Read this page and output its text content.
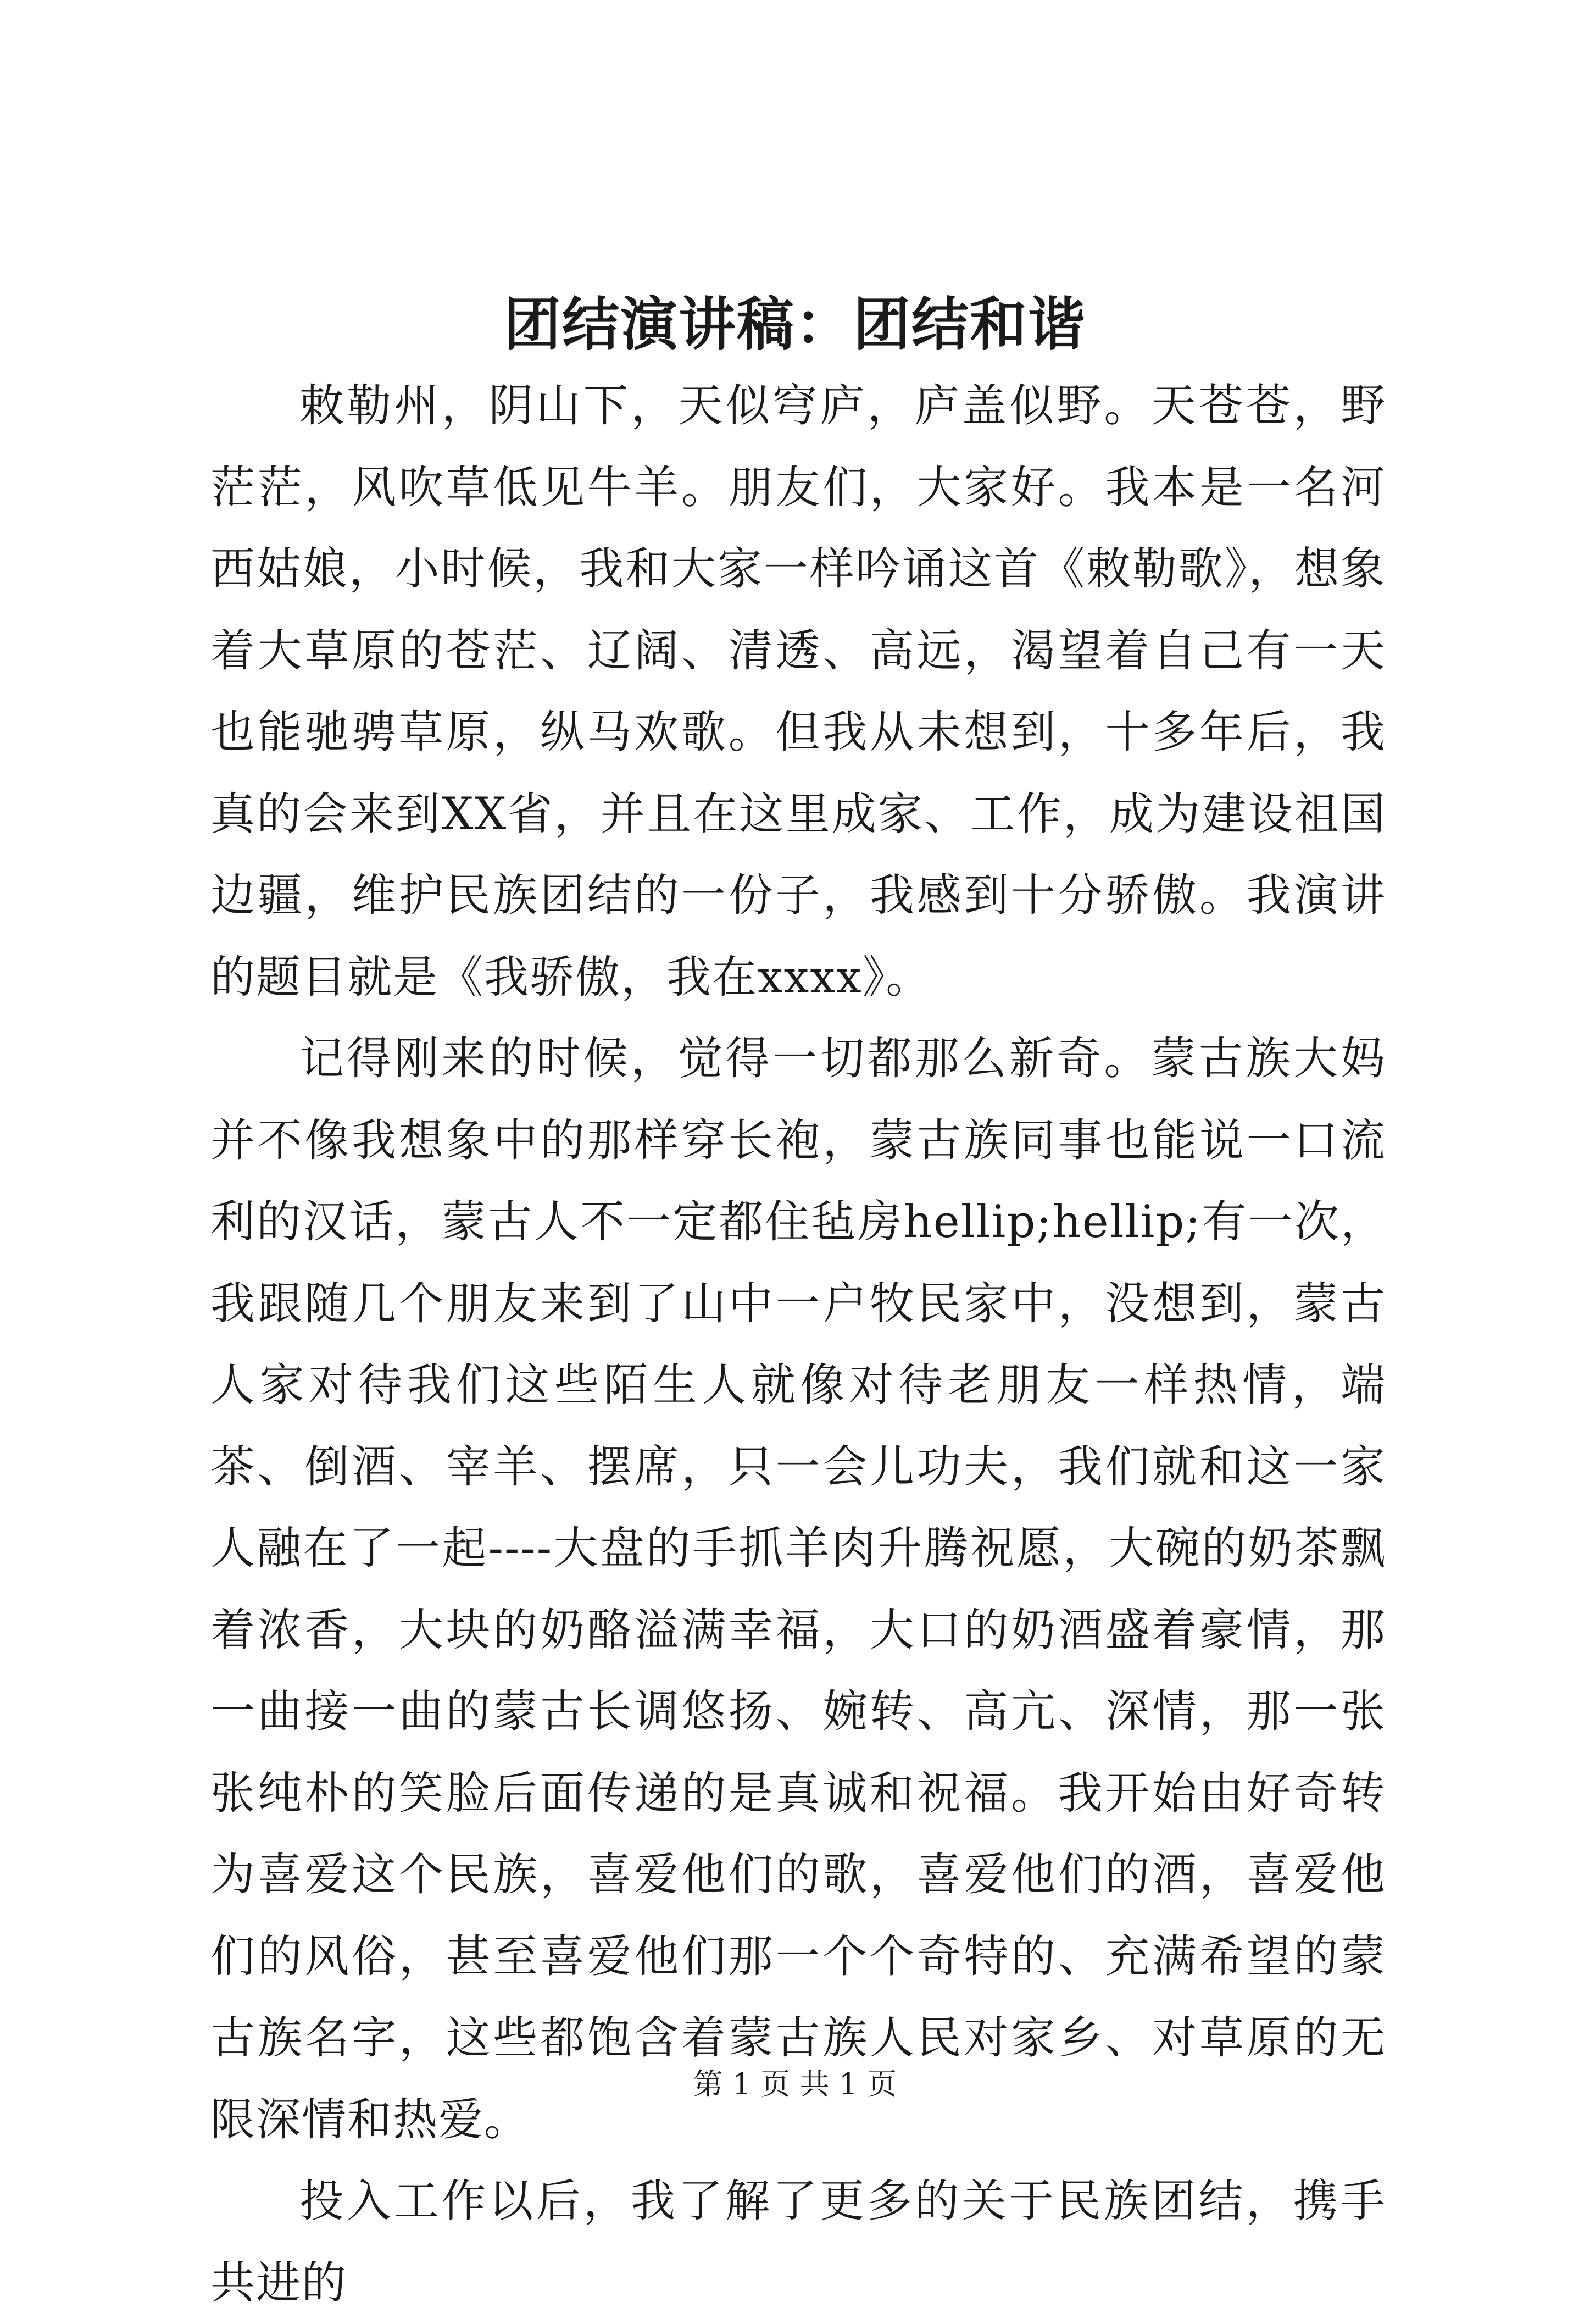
团结演讲稿：团结和谐

敕勒州，阴山下，天似穹庐，庐盖似野。天苍苍，野茫茫，风吹草低见牛羊。朋友们，大家好。我本是一名河西姑娘，小时候，我和大家一样吟诵这首《敕勒歌》，想象着大草原的苍茫、辽阔、清透、高远，渴望着自己有一天也能驰骋草原，纵马欢歌。但我从未想到，十多年后，我真的会来到XX省，并且在这里成家、工作，成为建设祖国边疆，维护民族团结的一份子，我感到十分骄傲。我演讲的题目就是《我骄傲，我在xxxx》。

记得刚来的时候，觉得一切都那么新奇。蒙古族大妈并不像我想象中的那样穿长袍，蒙古族同事也能说一口流利的汉话，蒙古人不一定都住毡房hellip;hellip;有一次，我跟随几个朋友来到了山中一户牧民家中，没想到，蒙古人家对待我们这些陌生人就像对待老朋友一样热情，端茶、倒酒、宰羊、摆席，只一会儿功夫，我们就和这一家人融在了一起----大盘的手抓羊肉升腾祝愿，大碗的奶茶飘着浓香，大块的奶酪溢满幸福，大口的奶酒盛着豪情，那一曲接一曲的蒙古长调悠扬、婉转、高亢、深情，那一张张纯朴的笑脸后面传递的是真诚和祝福。我开始由好奇转为喜爱这个民族，喜爱他们的歌，喜爱他们的酒，喜爱他们的风俗，甚至喜爱他们那一个个奇特的、充满希望的蒙古族名字，这些都饱含着蒙古族人民对家乡、对草原的无限深情和热爱。

投入工作以后，我了解了更多的关于民族团结，携手共进的

第 1 页 共 1 页
